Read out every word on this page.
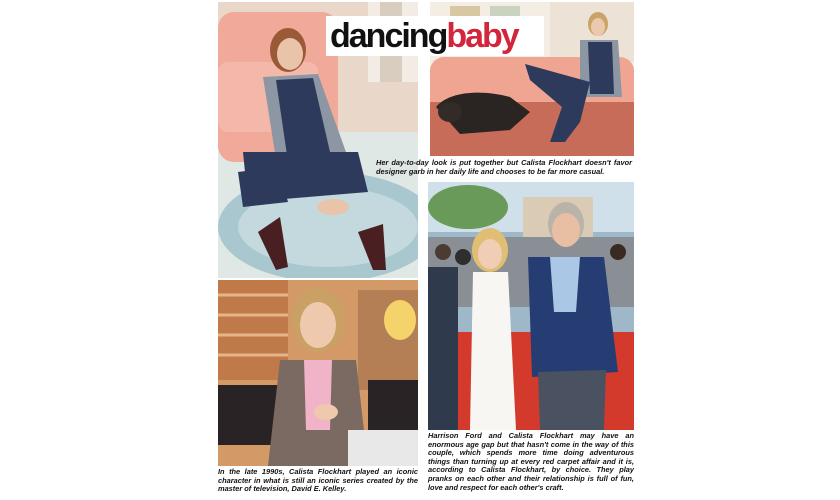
Her day-to-day look is put together but Calista Flockhart doesn't favor designer garb in her daily life and chooses to be far more casual.

dancingbaby

Harrison Ford and Calista Flockhart may have an enormous age gap but that hasn't come in the way of this couple, which spends more time doing adventurous things than turning up at every red carpet affair and it is, according to Calista Flockhart, by choice. They play pranks on each other and their relationship is full of fun, love and respect for each other's craft.

In the late 1990s, Calista Flockhart played an iconic character in what is still an iconic series created by the master of television, David E. Kelley.
